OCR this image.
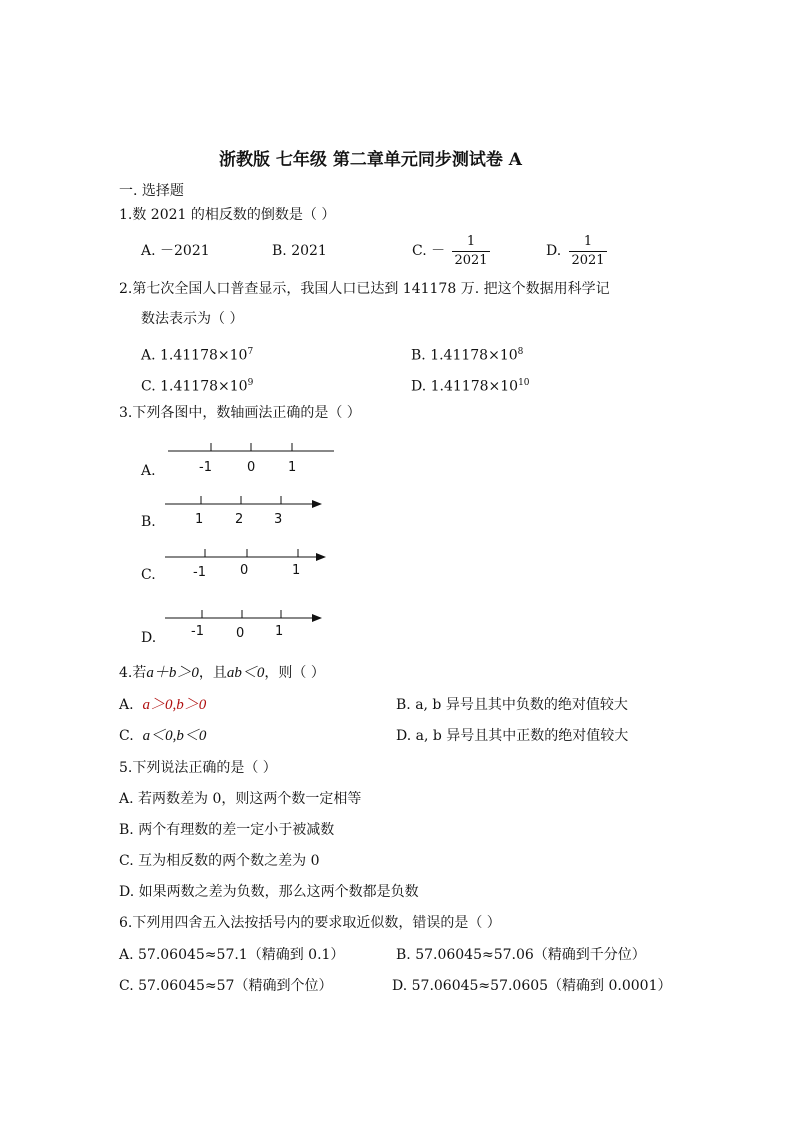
浙教版 七年级 第二章单元同步测试卷 A
一. 选择题
1.数 2021 的相反数的倒数是（ ）
A. －2021	B. 2021	C. －
1
2021
D.
1
2021
2.第七次全国人口普查显示，我国人口已达到 141178 万. 把这个数据用科学记
数法表示为（ ）
A. $1.41178\times 10^7$	B. $1.41178\times 10^8$
C. $1.41178\times 10^9$	D. $1.41178\times 10^{10}$
3.下列各图中，数轴画法正确的是（ ）
A.	-1	0	1
B.	1 2 3
C.	-1	0	1
D.	-1 0 1
4.若a＋b＞0，且ab＜0，则（ ）
A. a＞0,b＞0	B. a, b 异号且其中负数的绝对值较大
C. a＜0,b＜0	D. a, b 异号且其中正数的绝对值较大
5.下列说法正确的是（ ）
A. 若两数差为 0，则这两个数一定相等
B. 两个有理数的差一定小于被减数
C. 互为相反数的两个数之差为 0
D. 如果两数之差为负数，那么这两个数都是负数
6.下列用四舍五入法按括号内的要求取近似数，错误的是（ ）
A. 57.06045≈57.1（精确到 0.1）	B. 57.06045≈57.06（精确到千分位）
C. 57.06045≈57（精确到个位）	D. 57.06045≈57.0605（精确到 0.0001）
